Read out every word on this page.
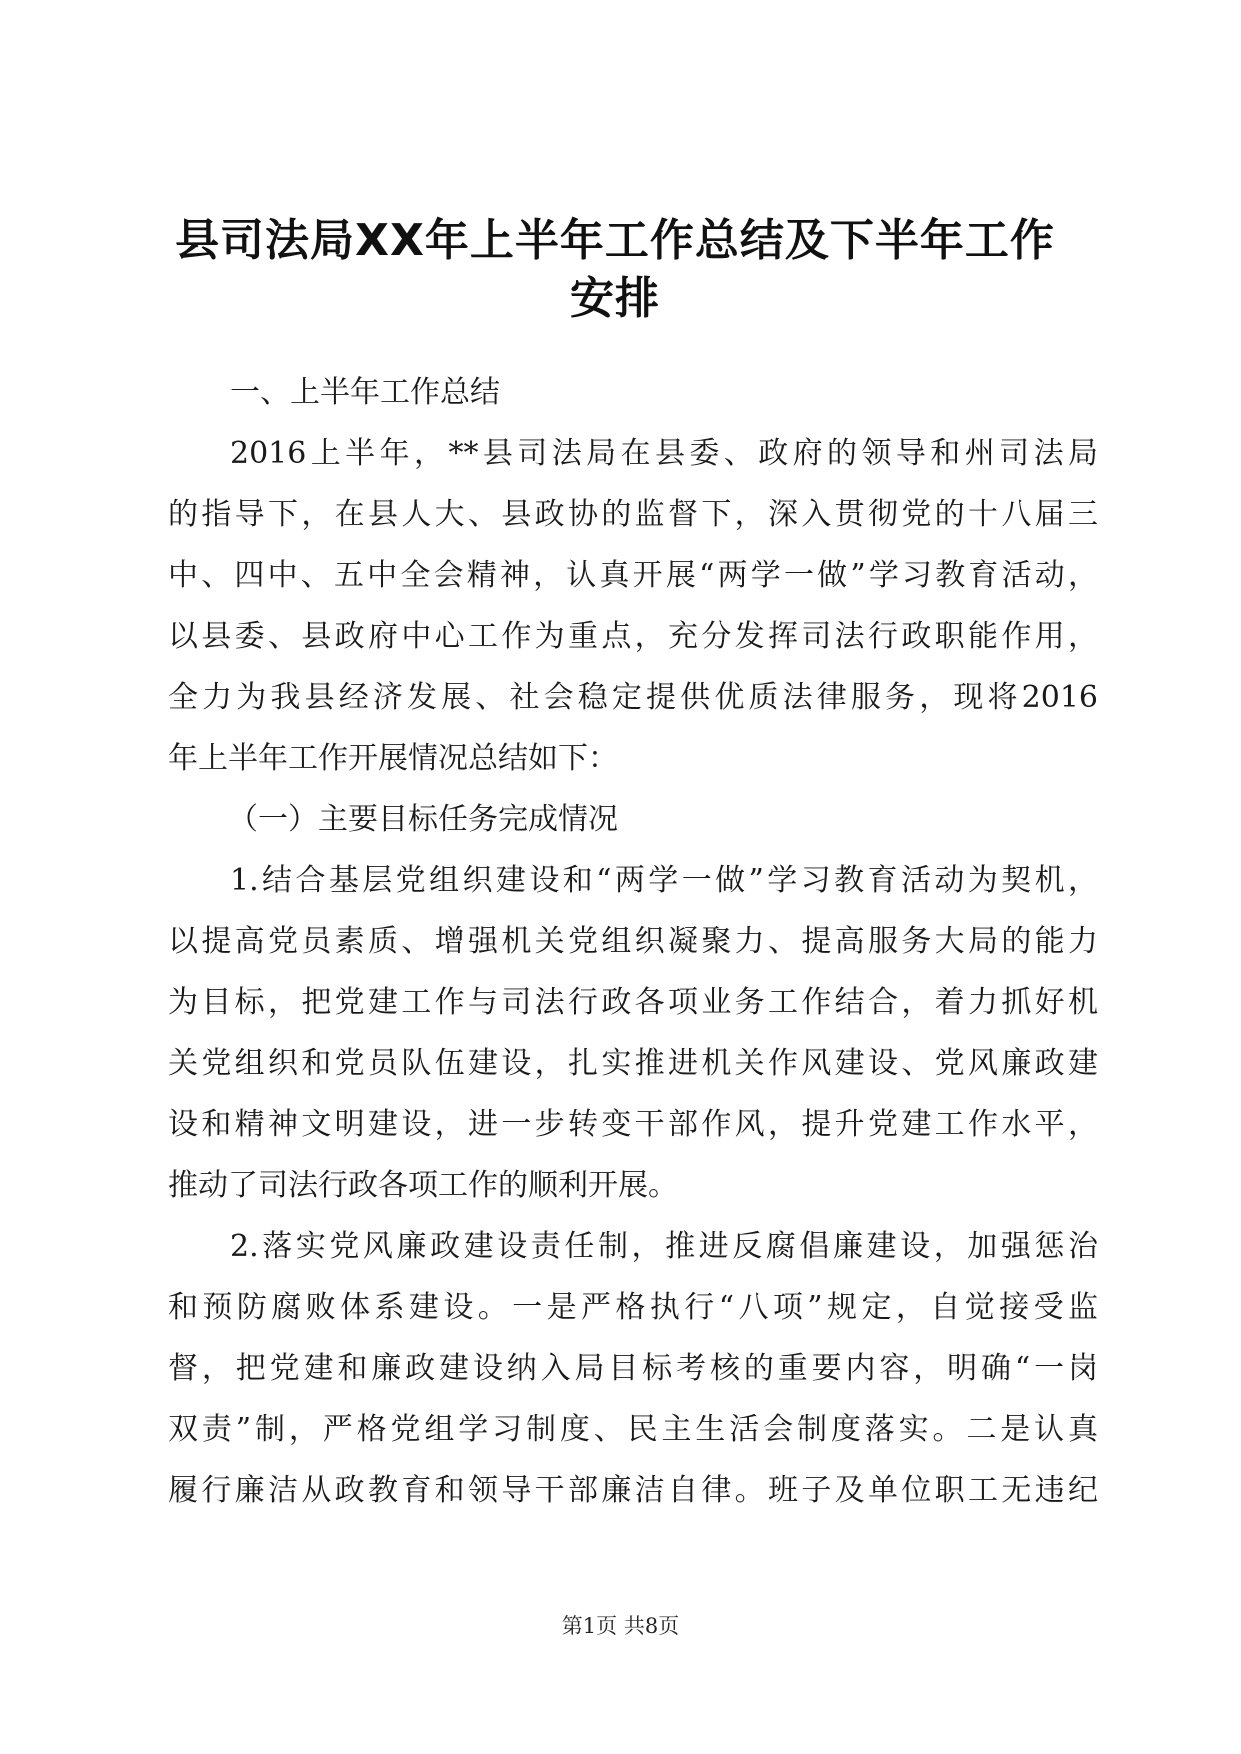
县司法局XX年上半年工作总结及下半年工作
安排
一、上半年工作总结
2016上半年，**县司法局在县委、政府的领导和州司法局
的指导下，在县人大、县政协的监督下，深入贯彻党的十八届三
中、四中、五中全会精神，认真开展“两学一做”学习教育活动，
以县委、县政府中心工作为重点，充分发挥司法行政职能作用，
全力为我县经济发展、社会稳定提供优质法律服务，现将2016
年上半年工作开展情况总结如下：
（一）主要目标任务完成情况
1.结合基层党组织建设和“两学一做”学习教育活动为契机，
以提高党员素质、增强机关党组织凝聚力、提高服务大局的能力
为目标，把党建工作与司法行政各项业务工作结合，着力抓好机
关党组织和党员队伍建设，扎实推进机关作风建设、党风廉政建
设和精神文明建设，进一步转变干部作风，提升党建工作水平，
推动了司法行政各项工作的顺利开展。
2.落实党风廉政建设责任制，推进反腐倡廉建设，加强惩治
和预防腐败体系建设。一是严格执行“八项”规定，自觉接受监
督，把党建和廉政建设纳入局目标考核的重要内容，明确“一岗
双责”制，严格党组学习制度、民主生活会制度落实。二是认真
履行廉洁从政教育和领导干部廉洁自律。班子及单位职工无违纪
第1页 共8页
